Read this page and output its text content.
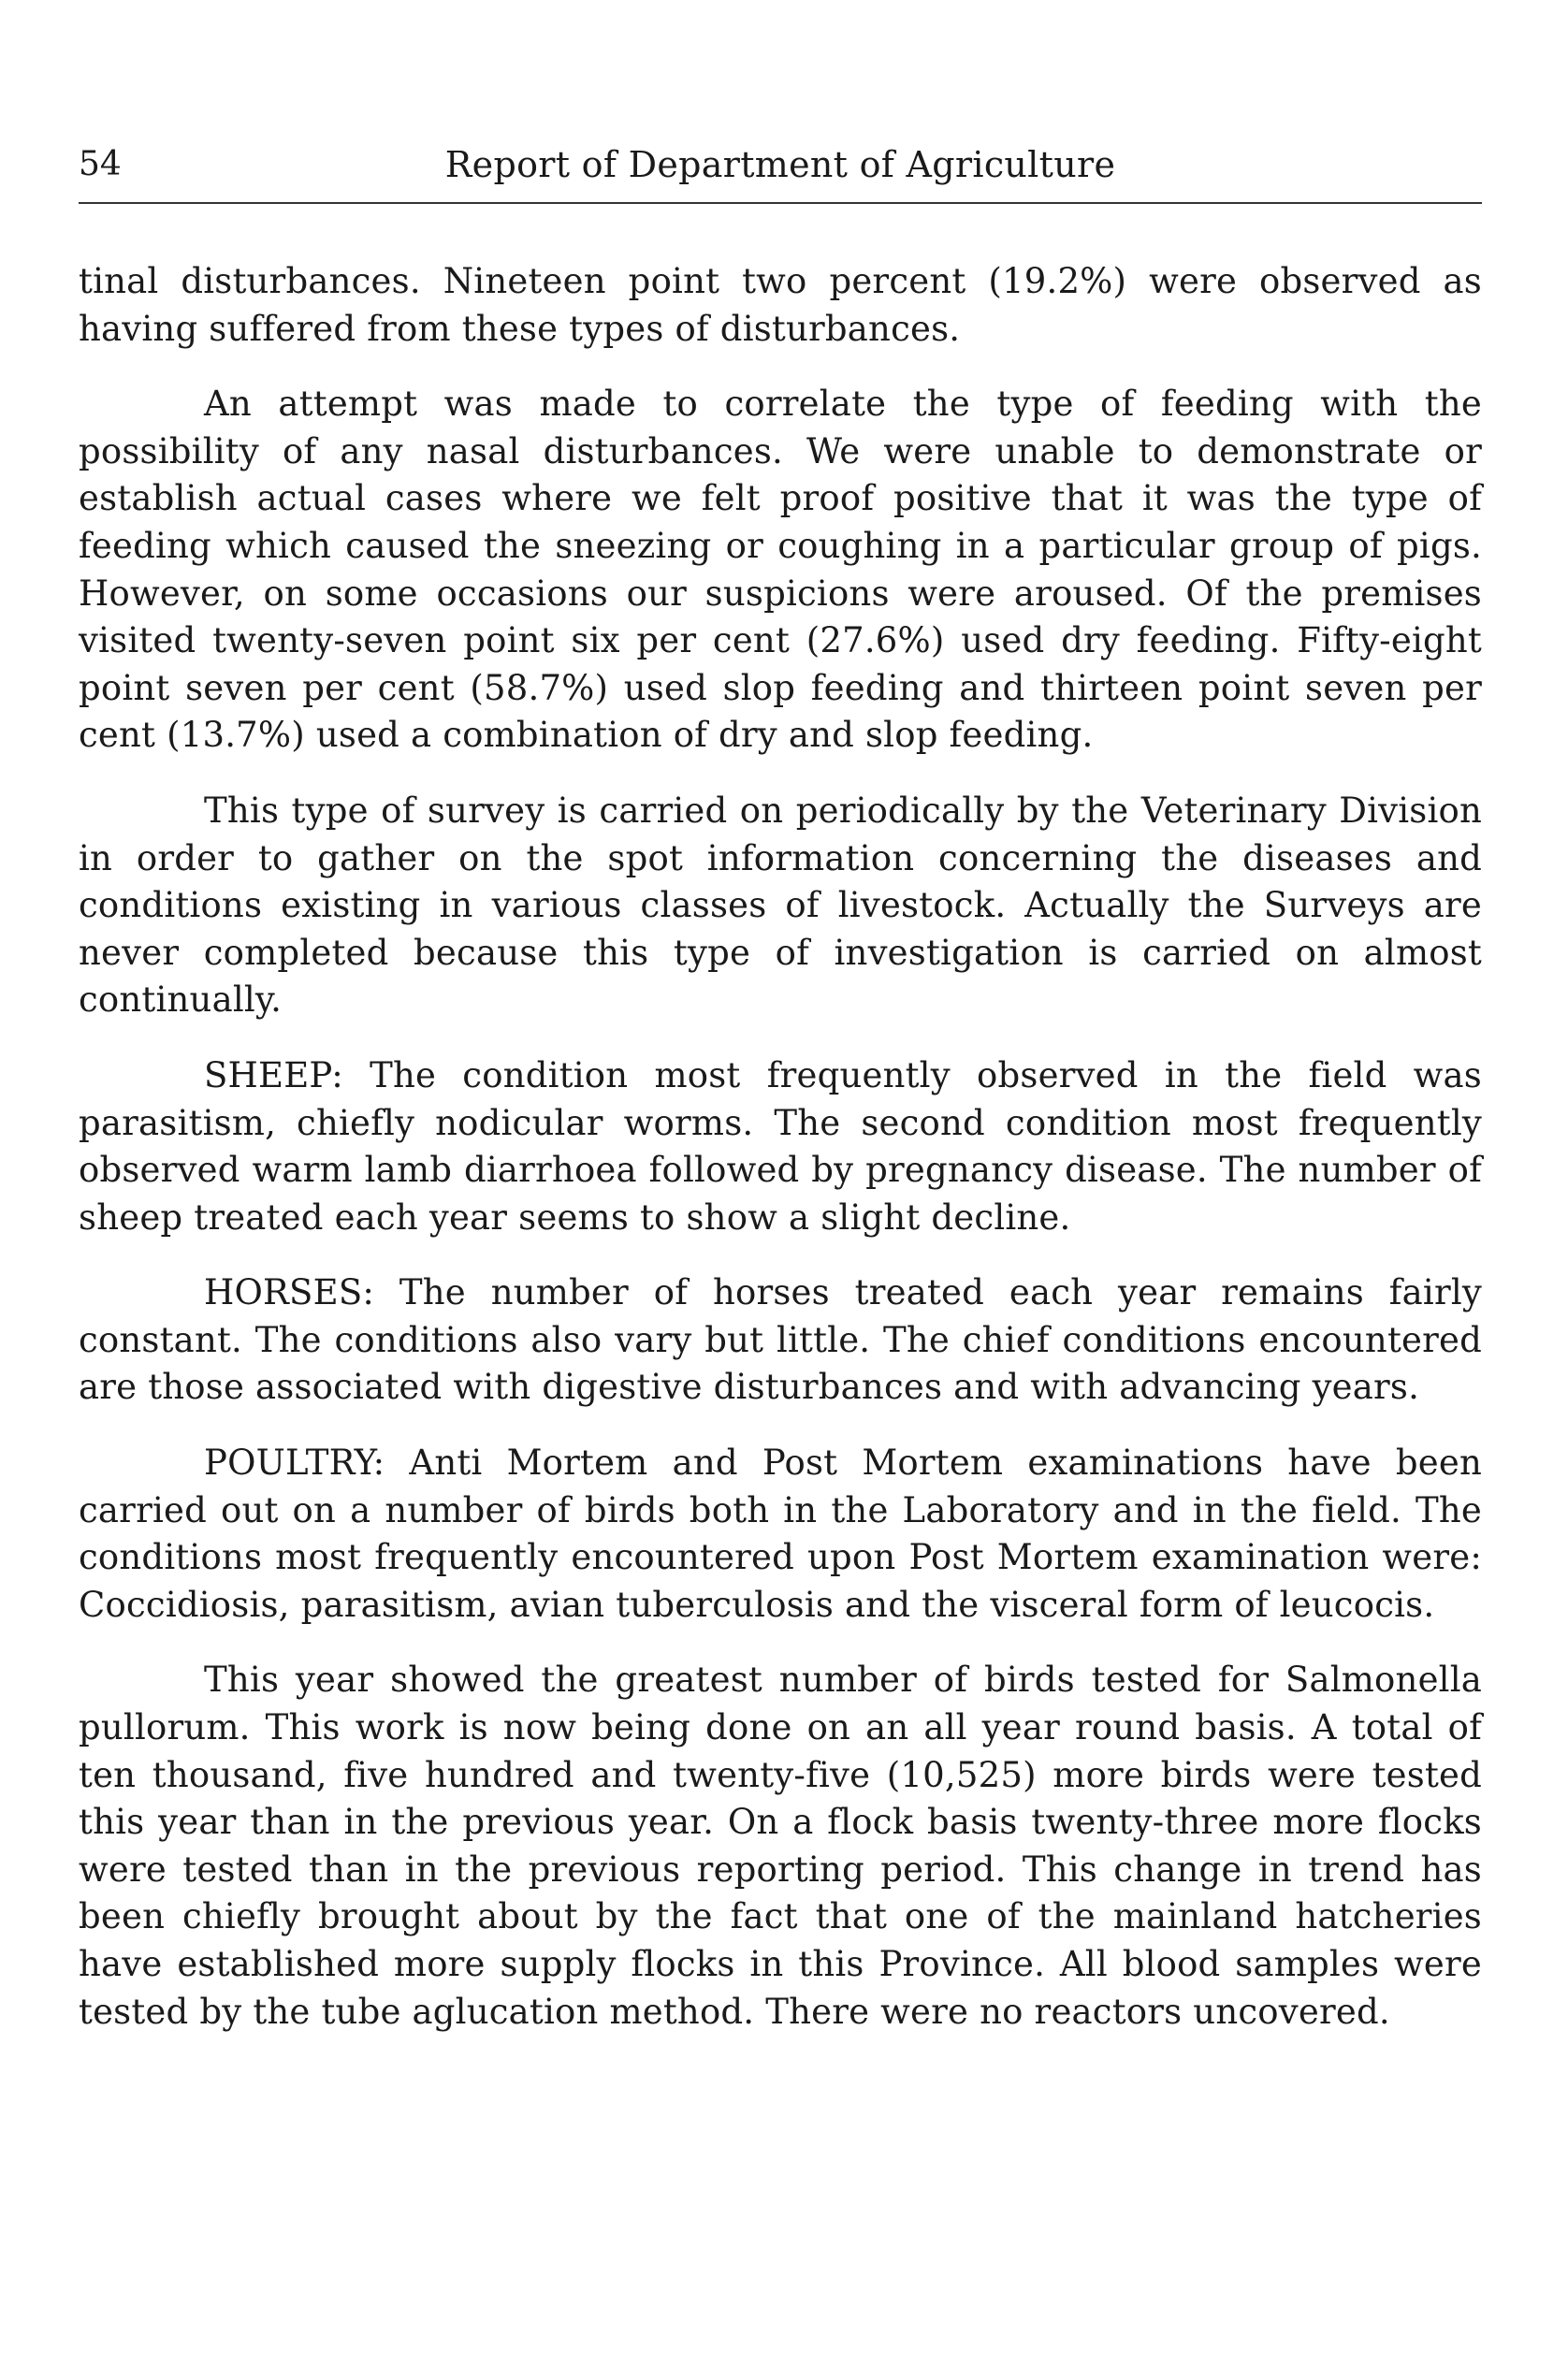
54	Report of Department of Agriculture

tinal disturbances. Nineteen point two percent (19.2%) were observed as having suffered from these types of disturbances.

An attempt was made to correlate the type of feeding with the possibility of any nasal disturbances. We were unable to demonstrate or establish actual cases where we felt proof positive that it was the type of feeding which caused the sneezing or coughing in a particular group of pigs. However, on some occasions our suspicions were aroused. Of the premises visited twenty-seven point six per cent (27.6%) used dry feeding. Fifty-eight point seven per cent (58.7%) used slop feeding and thirteen point seven per cent (13.7%) used a combination of dry and slop feeding.

This type of survey is carried on periodically by the Veterinary Division in order to gather on the spot information concerning the diseases and conditions existing in various classes of livestock. Actually the Surveys are never completed because this type of investigation is carried on almost continually.

SHEEP: The condition most frequently observed in the field was parasitism, chiefly nodicular worms. The second condition most frequently observed warm lamb diarrhoea followed by pregnancy disease. The number of sheep treated each year seems to show a slight decline.

HORSES: The number of horses treated each year remains fairly constant. The conditions also vary but little. The chief conditions encountered are those associated with digestive disturbances and with advancing years.

POULTRY: Anti Mortem and Post Mortem examinations have been carried out on a number of birds both in the Laboratory and in the field. The conditions most frequently encountered upon Post Mortem examination were: Coccidiosis, parasitism, avian tuberculosis and the visceral form of leucocis.

This year showed the greatest number of birds tested for Salmonella pullorum. This work is now being done on an all year round basis. A total of ten thousand, five hundred and twenty-five (10,525) more birds were tested this year than in the previous year. On a flock basis twenty-three more flocks were tested than in the previous reporting period. This change in trend has been chiefly brought about by the fact that one of the mainland hatcheries have established more supply flocks in this Province. All blood samples were tested by the tube aglucation method. There were no reactors uncovered.
